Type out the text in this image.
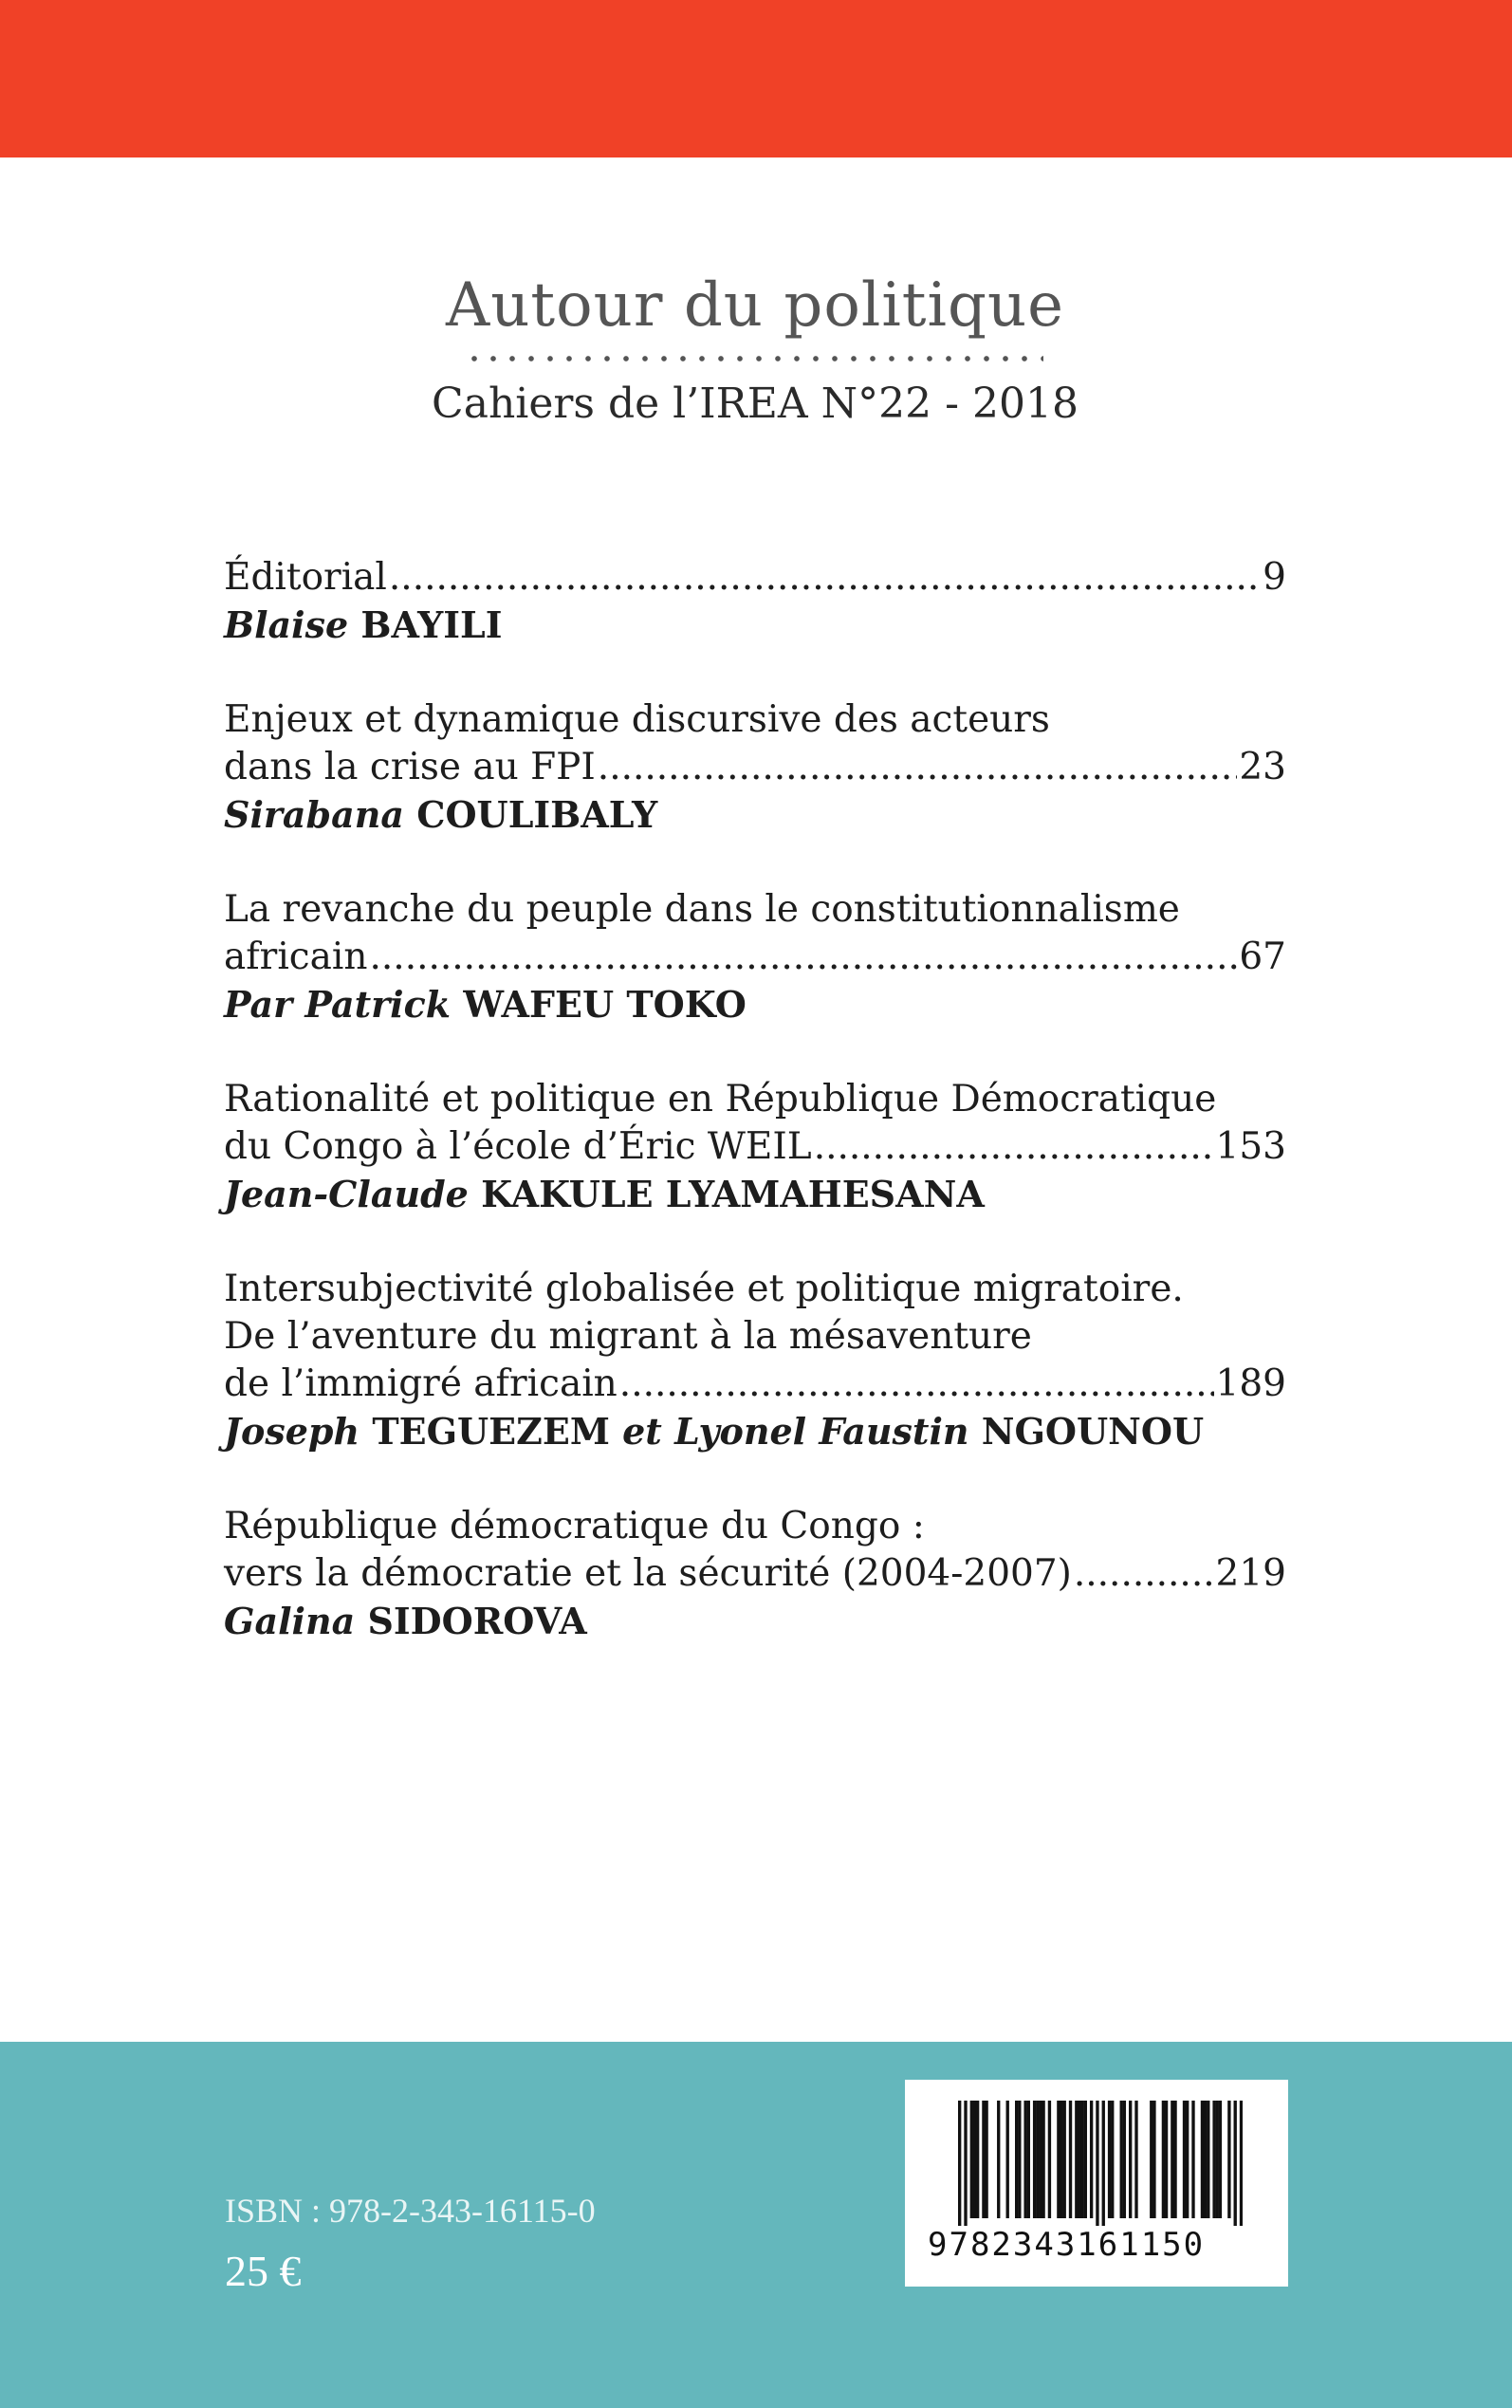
Autour du politique
Cahiers de l’IREA N°22 - 2018
Éditorial .....	9
Blaise BAYILI
Enjeux et dynamique discursive des acteurs
dans la crise au FPI .....	23
Sirabana COULIBALY
La revanche du peuple dans le constitutionnalisme
africain .....	67
Par Patrick WAFEU TOKO
Rationalité et politique en République Démocratique
du Congo à l’école d’Éric WEIL .....	153
Jean-Claude KAKULE LYAMAHESANA
Intersubjectivité globalisée et politique migratoire.
De l’aventure du migrant à la mésaventure
de l’immigré africain .....	189
Joseph TEGUEZEM et Lyonel Faustin NGOUNOU
République démocratique du Congo :
vers la démocratie et la sécurité (2004-2007) .....	219
Galina SIDOROVA
ISBN : 978-2-343-16115-0
25 €
9782343161150
